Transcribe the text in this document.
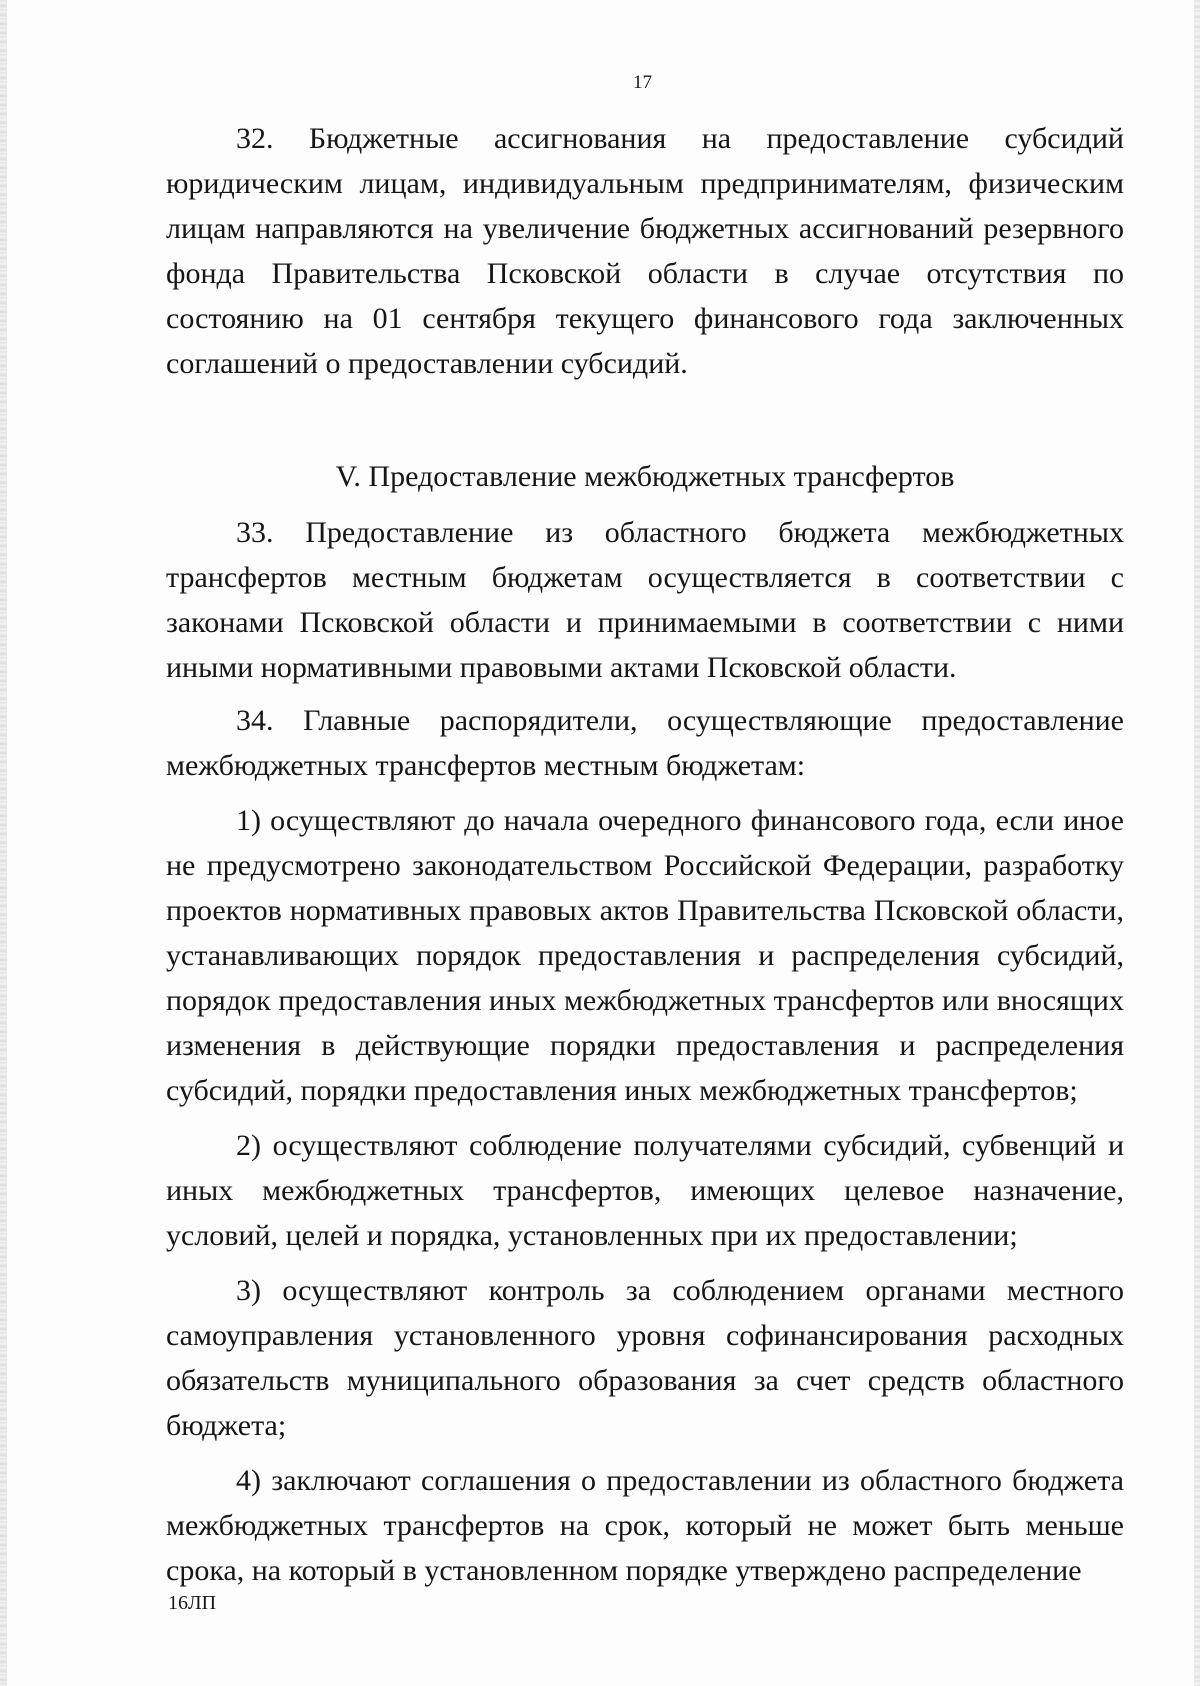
17

32. Бюджетные ассигнования на предоставление субсидий юридическим лицам, индивидуальным предпринимателям, физическим лицам направляются на увеличение бюджетных ассигнований резервного фонда Правительства Псковской области в случае отсутствия по состоянию на 01 сентября текущего финансового года заключенных соглашений о предоставлении субсидий.

V. Предоставление межбюджетных трансфертов

33. Предоставление из областного бюджета межбюджетных трансфертов местным бюджетам осуществляется в соответствии с законами Псковской области и принимаемыми в соответствии с ними иными нормативными правовыми актами Псковской области.

34. Главные распорядители, осуществляющие предоставление межбюджетных трансфертов местным бюджетам:

1) осуществляют до начала очередного финансового года, если иное не предусмотрено законодательством Российской Федерации, разработку проектов нормативных правовых актов Правительства Псковской области, устанавливающих порядок предоставления и распределения субсидий, порядок предоставления иных межбюджетных трансфертов или вносящих изменения в действующие порядки предоставления и распределения субсидий, порядки предоставления иных межбюджетных трансфертов;

2) осуществляют соблюдение получателями субсидий, субвенций и иных межбюджетных трансфертов, имеющих целевое назначение, условий, целей и порядка, установленных при их предоставлении;

3) осуществляют контроль за соблюдением органами местного самоуправления установленного уровня софинансирования расходных обязательств муниципального образования за счет средств областного бюджета;

4) заключают соглашения о предоставлении из областного бюджета межбюджетных трансфертов на срок, который не может быть меньше срока, на который в установленном порядке утверждено распределение

16ЛП
